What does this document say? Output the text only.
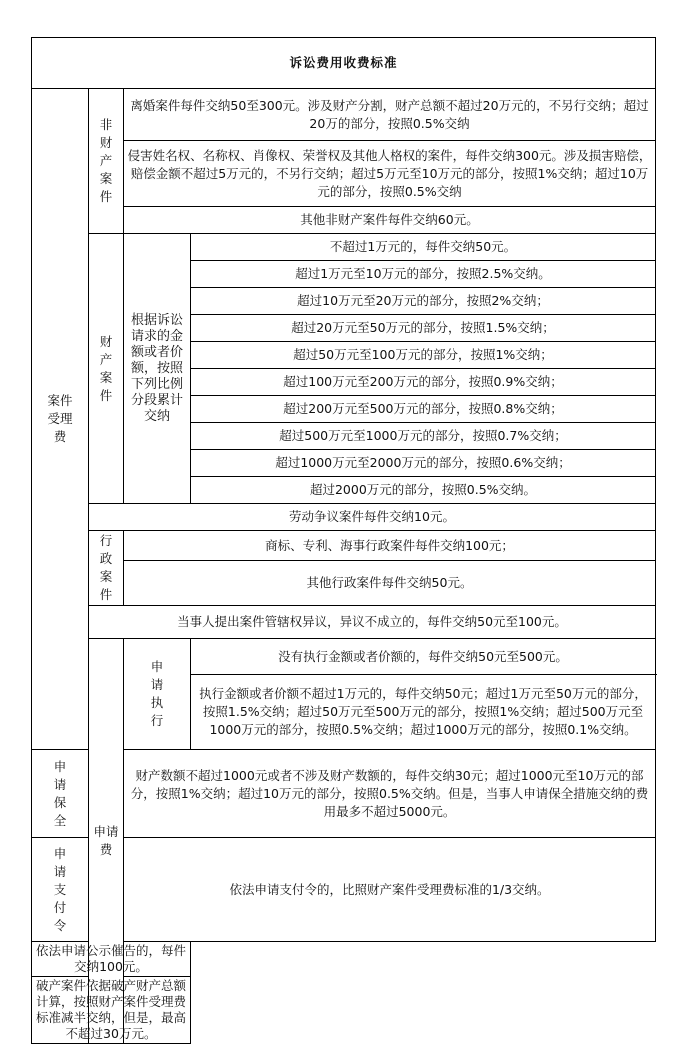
诉讼费用收费标准			
案件受理费	非财产案件	离婚案件每件交纳50至300元。涉及财产分割，财产总额不超过20万元的，不另行交纳；超过20万的部分，按照0.5%交纳	
		侵害姓名权、名称权、肖像权、荣誉权及其他人格权的案件，每件交纳300元。涉及损害赔偿，赔偿金额不超过5万元的，不另行交纳；超过5万元至10万元的部分，按照1%交纳；超过10万元的部分，按照0.5%交纳	
		其他非财产案件每件交纳60元。	
	财产案件	根据诉讼请求的金额或者价额，按照下列比例分段累计交纳	不超过1万元的，每件交纳50元。
			超过1万元至10万元的部分，按照2.5%交纳。
			超过10万元至20万元的部分，按照2%交纳；
			超过20万元至50万元的部分，按照1.5%交纳；
			超过50万元至100万元的部分，按照1%交纳；
			超过100万元至200万元的部分，按照0.9%交纳；
			超过200万元至500万元的部分，按照0.8%交纳；
			超过500万元至1000万元的部分，按照0.7%交纳；
			超过1000万元至2000万元的部分，按照0.6%交纳；
			超过2000万元的部分，按照0.5%交纳。
	劳动争议案件每件交纳10元。		
	行政案件	商标、专利、海事行政案件每件交纳100元；	
		其他行政案件每件交纳50元。	
	当事人提出案件管辖权异议，异议不成立的，每件交纳50元至100元。		
	申请费	申请执行	没有执行金额或者价额的，每件交纳50元至500元。
			执行金额或者价额不超过1万元的，每件交纳50元；超过1万元至50万元的部分，按照1.5%交纳；超过50万元至500万元的部分，按照1%交纳；超过500万元至1000万元的部分，按照0.5%交纳；超过1000万元的部分，按照0.1%交纳。
申请保全		财产数额不超过1000元或者不涉及财产数额的，每件交纳30元；超过1000元至10万元的部分，按照1%交纳；超过10万元的部分，按照0.5%交纳。但是，当事人申请保全措施交纳的费用最多不超过5000元。	
申请支付令		依法申请支付令的，比照财产案件受理费标准的1/3交纳。	
依法申请公示催告的，每件交纳100元。			
破产案件依据破产财产总额计算，按照财产案件受理费标准减半交纳，但是，最高不超过30万元。			
